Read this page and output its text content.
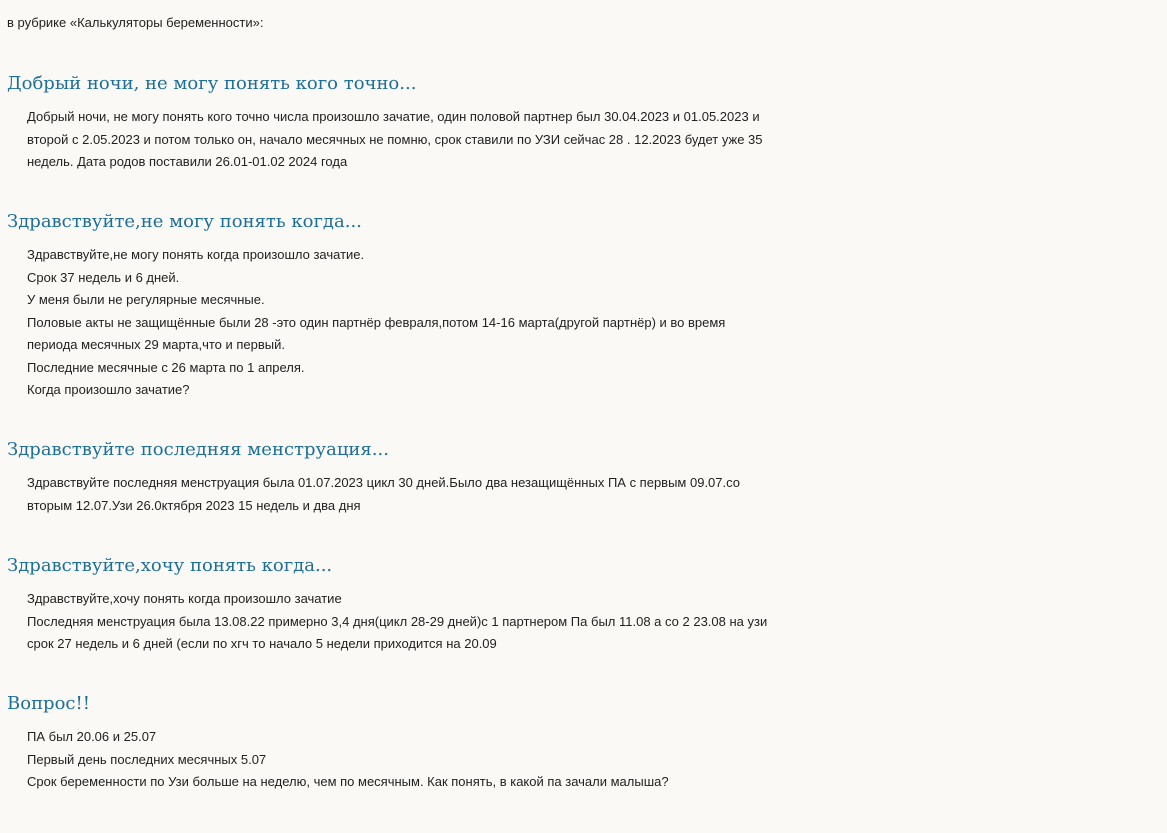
в рубрике «Калькуляторы беременности»:

Добрый ночи, не могу понять кого точно...
Добрый ночи, не могу понять кого точно числа произошло зачатие, один половой партнер был 30.04.2023 и 01.05.2023 и
второй с 2.05.2023 и потом только он, начало месячных не помню, срок ставили по УЗИ сейчас 28 . 12.2023 будет уже 35
недель. Дата родов поставили 26.01-01.02 2024 года
Здравствуйте,не могу понять когда...
Здравствуйте,не могу понять когда произошло зачатие.
Срок 37 недель и 6 дней.
У меня были не регулярные месячные.
Половые акты не защищённые были 28 -это один партнёр февраля,потом 14-16 марта(другой партнёр) и во время
периода месячных 29 марта,что и первый.
Последние месячные с 26 марта по 1 апреля.
Когда произошло зачатие?
Здравствуйте последняя менструация...
Здравствуйте последняя менструация была 01.07.2023 цикл 30 дней.Было два незащищённых ПА с первым 09.07.со
вторым 12.07.Узи 26.0ктября 2023 15 недель и два дня
Здравствуйте,хочу понять когда...
Здравствуйте,хочу понять когда произошло зачатие
Последняя менструация была 13.08.22 примерно 3,4 дня(цикл 28-29 дней)с 1 партнером Па был 11.08 а со 2 23.08 на узи
срок 27 недель и 6 дней (если по хгч то начало 5 недели приходится на 20.09
Вопрос!!
ПА был 20.06 и 25.07
Первый день последних месячных 5.07
Срок беременности по Узи больше на неделю, чем по месячным. Как понять, в какой па зачали малыша?
